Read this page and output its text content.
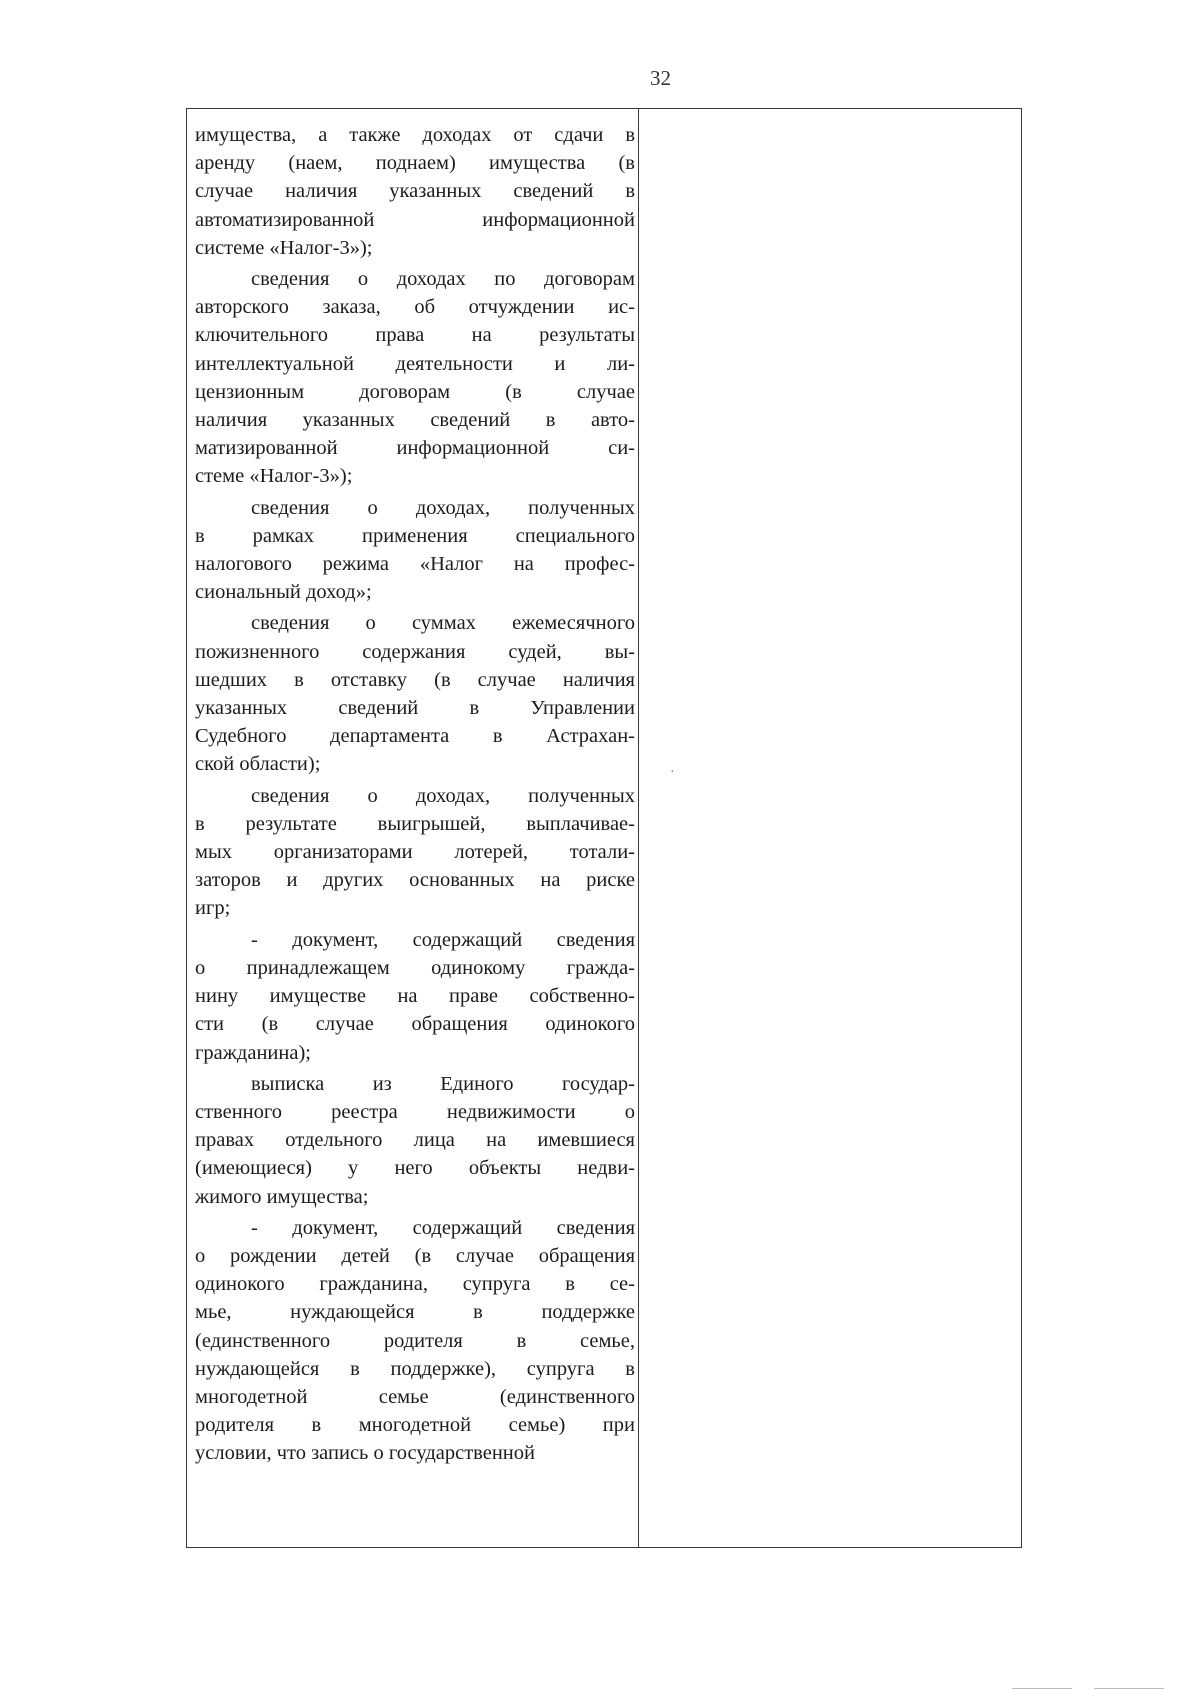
32
имущества, а также доходах от сдачи в
аренду (наем, поднаем) имущества (в
случае наличия указанных сведений в
автоматизированной информационной
системе «Налог-3»);
сведения о доходах по договорам
авторского заказа, об отчуждении ис-
ключительного права на результаты
интеллектуальной деятельности и ли-
цензионным договорам (в случае
наличия указанных сведений в авто-
матизированной информационной си-
стеме «Налог-3»);
сведения о доходах, полученных
в рамках применения специального
налогового режима «Налог на профес-
сиональный доход»;
сведения о суммах ежемесячного
пожизненного содержания судей, вы-
шедших в отставку (в случае наличия
указанных сведений в Управлении
Судебного департамента в Астрахан-
ской области);
сведения о доходах, полученных
в результате выигрышей, выплачивае-
мых организаторами лотерей, тотали-
заторов и других основанных на риске
игр;
- документ, содержащий сведения
о принадлежащем одинокому гражда-
нину имуществе на праве собственно-
сти (в случае обращения одинокого
гражданина);
выписка из Единого государ-
ственного реестра недвижимости о
правах отдельного лица на имевшиеся
(имеющиеся) у него объекты недви-
жимого имущества;
- документ, содержащий сведения
о рождении детей (в случае обращения
одинокого гражданина, супруга в се-
мье, нуждающейся в поддержке
(единственного родителя в семье,
нуждающейся в поддержке), супруга в
многодетной семье (единственного
родителя в многодетной семье) при
условии, что запись о государственной
·
